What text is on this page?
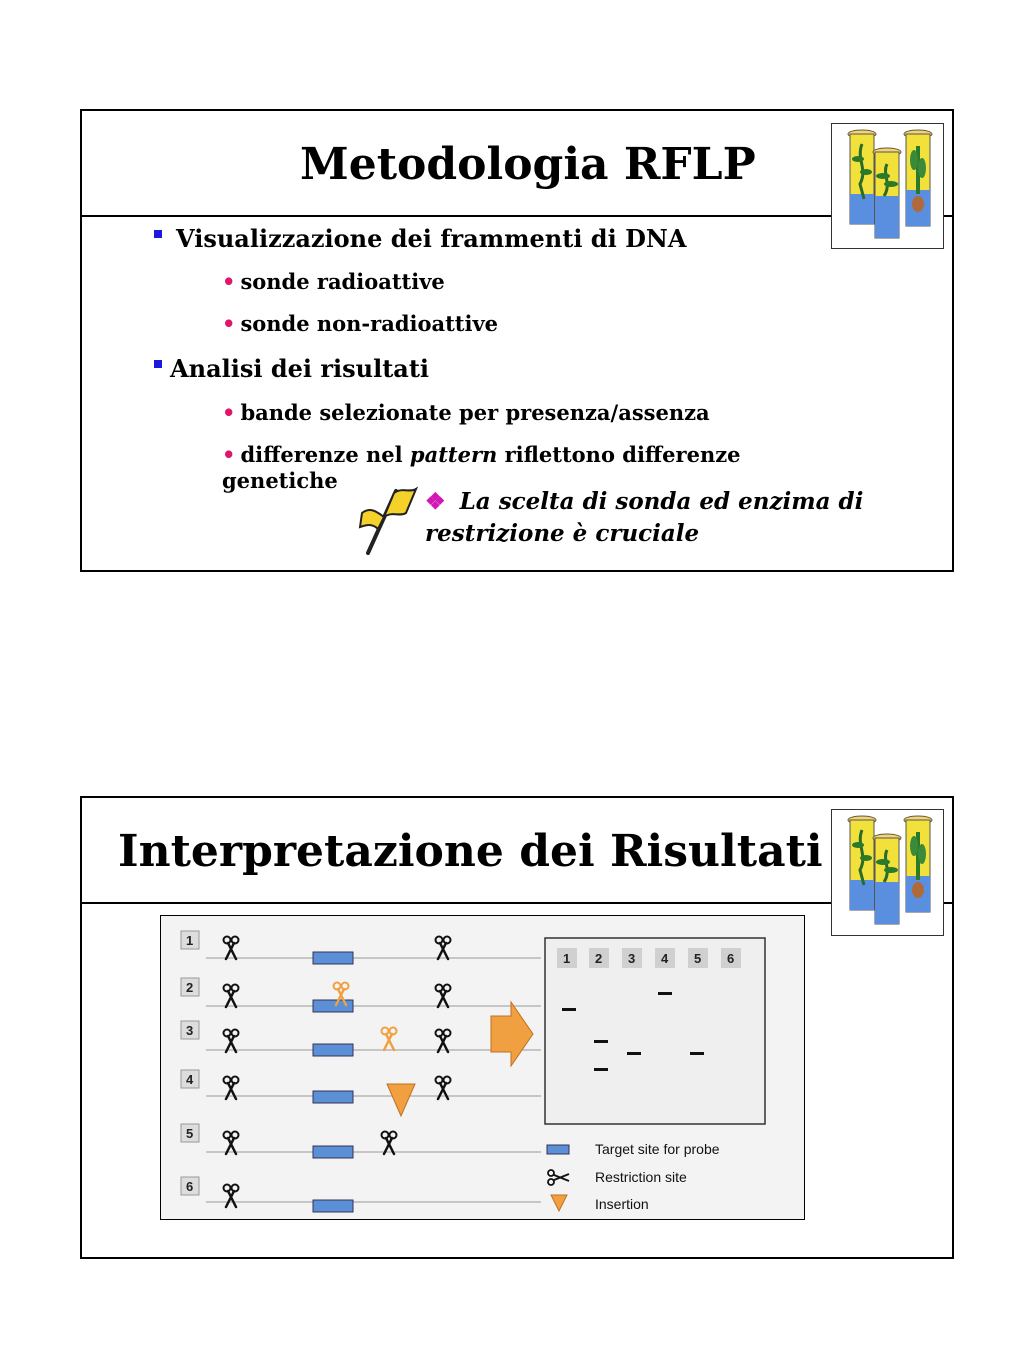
Metodologia RFLP
Visualizzazione dei frammenti di DNA
• sonde radioattive
• sonde non-radioattive
Analisi dei risultati
• bande selezionate per presenza/assenza
• differenze nel pattern riflettono differenze
genetiche
❖ La scelta di sonda ed enzima di
restrizione è cruciale
Interpretazione dei Risultati
1
2
3
4
5
6
1 2 3 4 5 6
Target site for probe
Restriction site
Insertion
